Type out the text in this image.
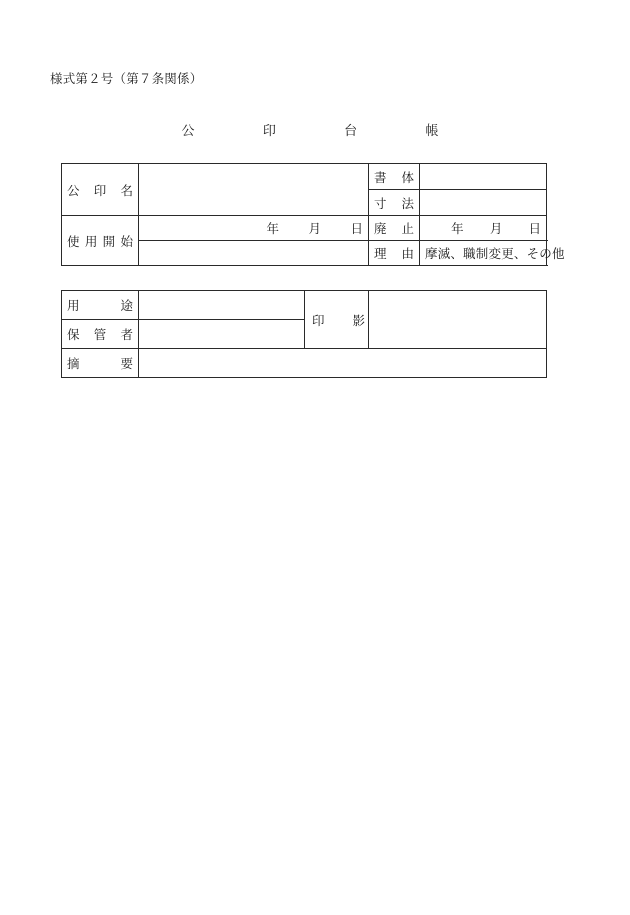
様式第２号（第７条関係）
公	印	台	帳
公 印 名		書 体	

		寸 法	

使 用 開 始	年 月 日	廃 止	年 月 日

		理 由	摩滅、職制変更、その他
用 途		印 影	

保 管 者			

摘 要			
